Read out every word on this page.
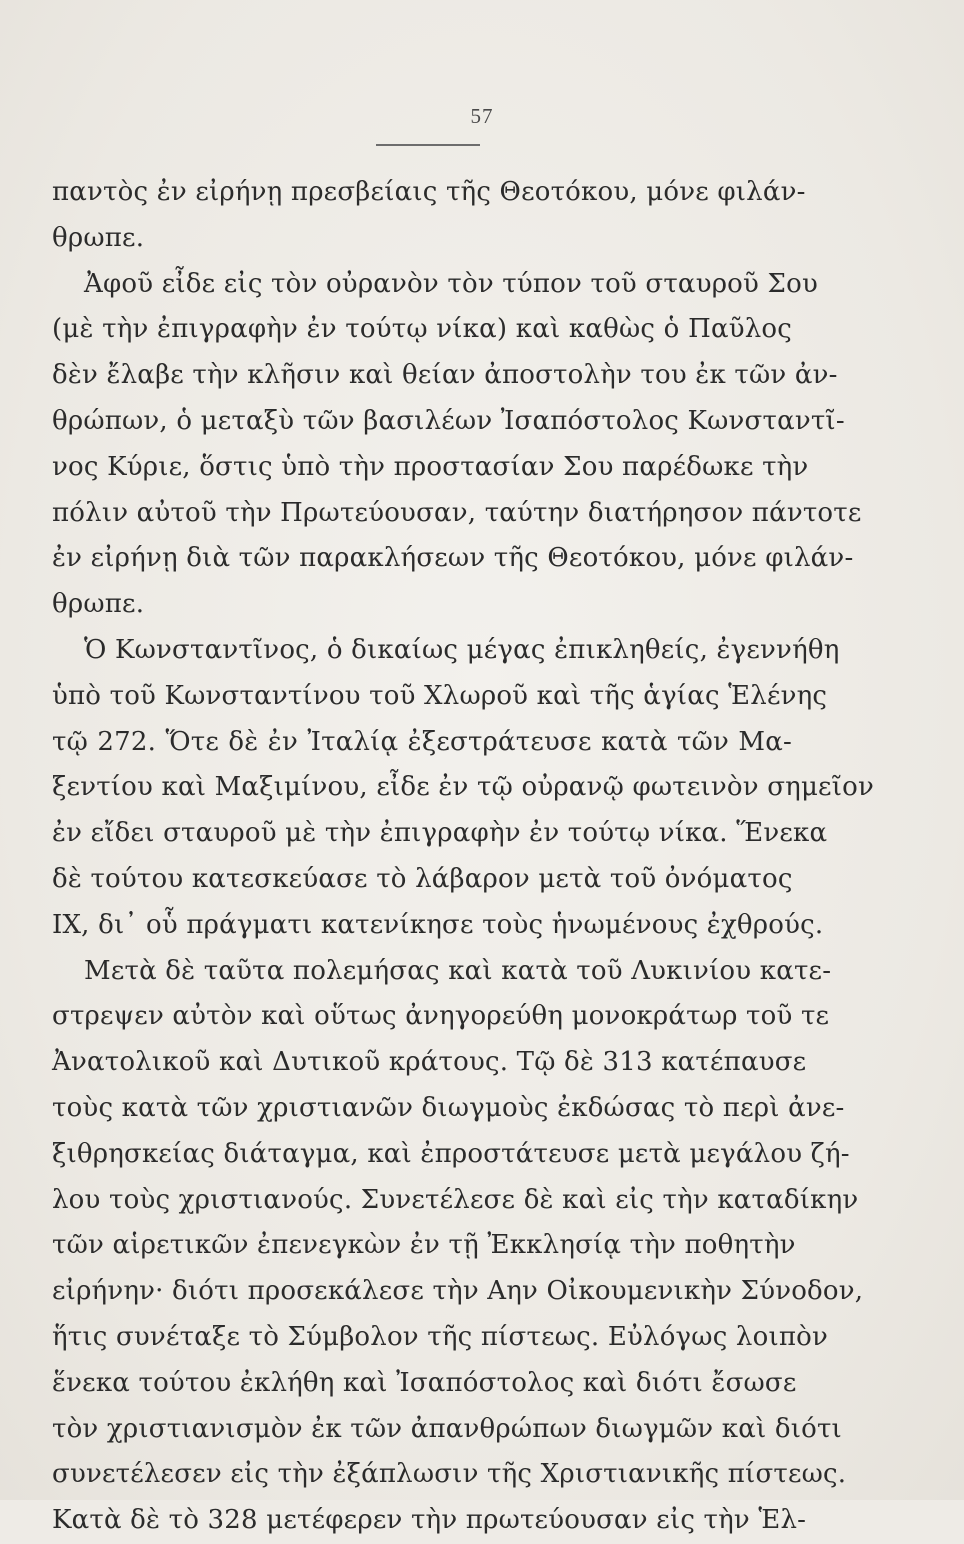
57
παντὸς ἐν εἰρήνῃ πρεσβείαις τῆς Θεοτόκου, μόνε φιλάν-
θρωπε.
Ἀφοῦ εἶδε εἰς τὸν οὐρανὸν τὸν τύπον τοῦ σταυροῦ Σου
(μὲ τὴν ἐπιγραφὴν ἐν τούτῳ νίκα) καὶ καθὼς ὁ Παῦλος
δὲν ἔλαβε τὴν κλῆσιν καὶ θείαν ἀποστολὴν του ἐκ τῶν ἀν-
θρώπων, ὁ μεταξὺ τῶν βασιλέων Ἰσαπόστολος Κωνσταντῖ-
νος Κύριε, ὅστις ὑπὸ τὴν προστασίαν Σου παρέδωκε τὴν
πόλιν αὐτοῦ τὴν Πρωτεύουσαν, ταύτην διατήρησον πάντοτε
ἐν εἰρήνῃ διὰ τῶν παρακλήσεων τῆς Θεοτόκου, μόνε φιλάν-
θρωπε.
Ὁ Κωνσταντῖνος, ὁ δικαίως μέγας ἐπικληθείς, ἐγεννήθη
ὑπὸ τοῦ Κωνσταντίνου τοῦ Χλωροῦ καὶ τῆς ἁγίας Ἑλένης
τῷ 272. Ὅτε δὲ ἐν Ἰταλίᾳ ἐξεστράτευσε κατὰ τῶν Μα-
ξεντίου καὶ Μαξιμίνου, εἶδε ἐν τῷ οὐρανῷ φωτεινὸν σημεῖον
ἐν εἴδει σταυροῦ μὲ τὴν ἐπιγραφὴν ἐν τούτῳ νίκα. Ἕνεκα
δὲ τούτου κατεσκεύασε τὸ λάβαρον μετὰ τοῦ ὀνόματος
IX, δι᾽ οὗ πράγματι κατενίκησε τοὺς ἡνωμένους ἐχθρούς.
Μετὰ δὲ ταῦτα πολεμήσας καὶ κατὰ τοῦ Λυκινίου κατε-
στρεψεν αὐτὸν καὶ οὕτως ἀνηγορεύθη μονοκράτωρ τοῦ τε
Ἀνατολικοῦ καὶ Δυτικοῦ κράτους. Τῷ δὲ 313 κατέπαυσε
τοὺς κατὰ τῶν χριστιανῶν διωγμοὺς ἐκδώσας τὸ περὶ ἀνε-
ξιθρησκείας διάταγμα, καὶ ἐπροστάτευσε μετὰ μεγάλου ζή-
λου τοὺς χριστιανούς. Συνετέλεσε δὲ καὶ εἰς τὴν καταδίκην
τῶν αἱρετικῶν ἐπενεγκὼν ἐν τῇ Ἐκκλησίᾳ τὴν ποθητὴν
εἰρήνην· διότι προσεκάλεσε τὴν Αην Οἰκουμενικὴν Σύνοδον,
ἥτις συνέταξε τὸ Σύμβολον τῆς πίστεως. Εὐλόγως λοιπὸν
ἕνεκα τούτου ἐκλήθη καὶ Ἰσαπόστολος καὶ διότι ἔσωσε
τὸν χριστιανισμὸν ἐκ τῶν ἀπανθρώπων διωγμῶν καὶ διότι
συνετέλεσεν εἰς τὴν ἐξάπλωσιν τῆς Χριστιανικῆς πίστεως.
Κατὰ δὲ τὸ 328 μετέφερεν τὴν πρωτεύουσαν εἰς τὴν Ἑλ-
